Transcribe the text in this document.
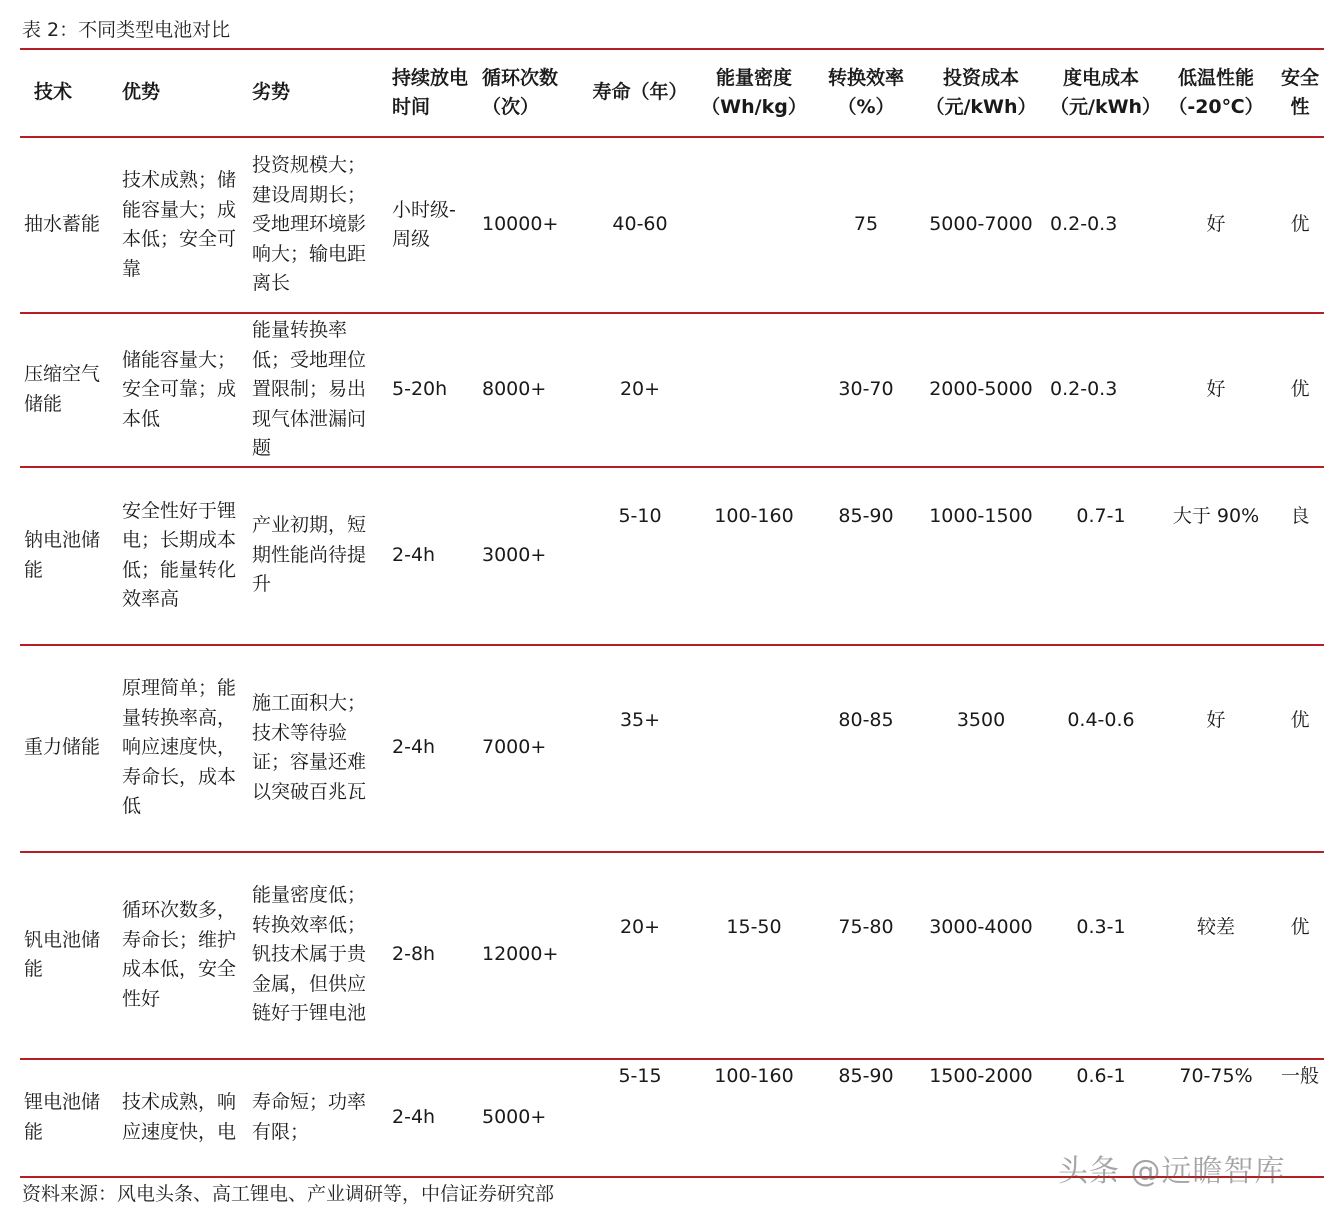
表 2：不同类型电池对比
技术	优势	劣势	持续放电时间	循环次数（次）	寿命（年）	能量密度（Wh/kg）	转换效率（%）	投资成本（元/kWh）	度电成本（元/kWh）	低温性能（-20℃）	安全性
抽水蓄能	技术成熟；储能容量大；成本低；安全可靠	投资规模大；建设周期长；受地理环境影响大；输电距离长	小时级-周级	10000+	40-60		75	5000-7000	0.2-0.3	好	优
压缩空气储能	储能容量大；安全可靠；成本低	能量转换率低；受地理位置限制；易出现气体泄漏问题	5-20h	8000+	20+		30-70	2000-5000	0.2-0.3	好	优
钠电池储能	安全性好于锂电；长期成本低；能量转化效率高	产业初期，短期性能尚待提升	2-4h	3000+	5-10	100-160	85-90	1000-1500	0.7-1	大于 90%	良
重力储能	原理简单；能量转换率高，响应速度快，寿命长，成本低	施工面积大；技术等待验证；容量还难以突破百兆瓦	2-4h	7000+	35+		80-85	3500	0.4-0.6	好	优
钒电池储能	循环次数多，寿命长；维护成本低，安全性好	能量密度低；转换效率低；钒技术属于贵金属，但供应链好于锂电池	2-8h	12000+	20+	15-50	75-80	3000-4000	0.3-1	较差	优
锂电池储能	技术成熟，响应速度快，电	寿命短；功率有限；	2-4h	5000+	5-15	100-160	85-90	1500-2000	0.6-1	70-75%	一般
资料来源：风电头条、高工锂电、产业调研等，中信证券研究部
头条 @远瞻智库
